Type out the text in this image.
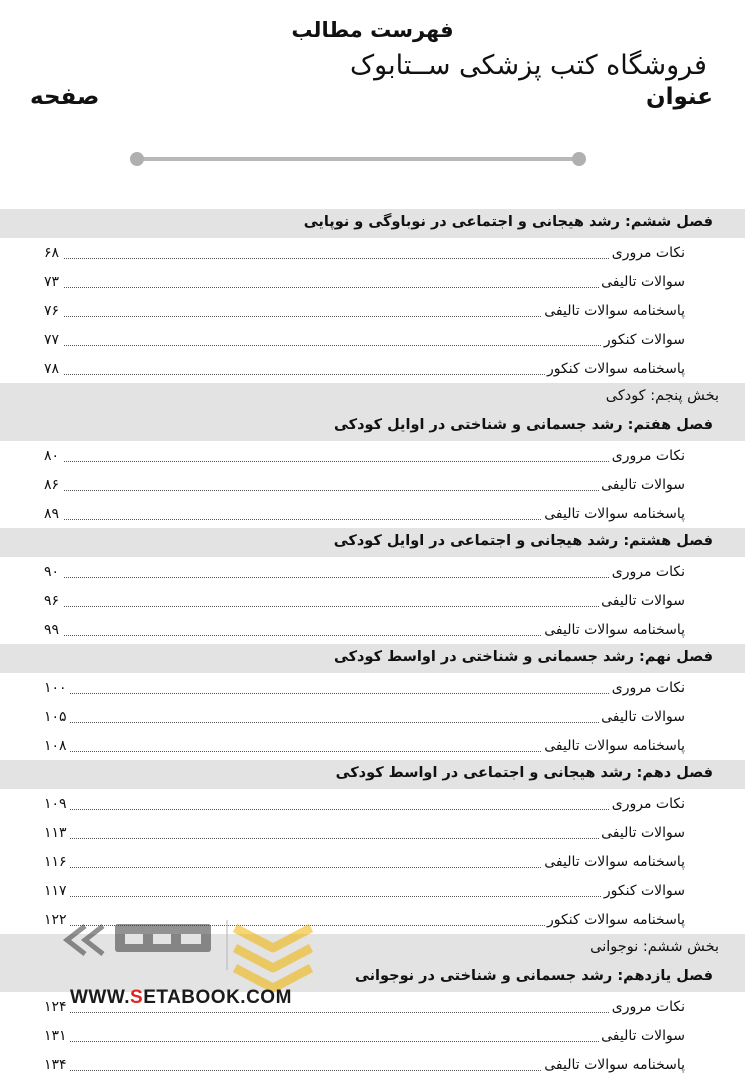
فهرست مطالب
فروشگاه کتب پزشکی ســتابوک
عنوان
صفحه
فصل ششم: رشد هیجانی و اجتماعی در نوباوگی و نوپایی
نکات مروری
۶۸
سوالات تالیفی
۷۳
پاسخنامه سوالات تالیفی
۷۶
سوالات کنکور
۷۷
پاسخنامه سوالات کنکور
۷۸
بخش پنجم: کودکی
فصل هفتم: رشد جسمانی و شناختی در اوایل کودکی
نکات مروری
۸۰
سوالات تالیفی
۸۶
پاسخنامه سوالات تالیفی
۸۹
فصل هشتم: رشد هیجانی و اجتماعی در اوایل کودکی
نکات مروری
۹۰
سوالات تالیفی
۹۶
پاسخنامه سوالات تالیفی
۹۹
فصل نهم: رشد جسمانی و شناختی در اواسط کودکی
نکات مروری
۱۰۰
سوالات تالیفی
۱۰۵
پاسخنامه سوالات تالیفی
۱۰۸
فصل دهم: رشد هیجانی و اجتماعی در اواسط کودکی
نکات مروری
۱۰۹
سوالات تالیفی
۱۱۳
پاسخنامه سوالات تالیفی
۱۱۶
سوالات کنکور
۱۱۷
پاسخنامه سوالات کنکور
۱۲۲
بخش ششم: نوجوانی
فصل یازدهم: رشد جسمانی و شناختی در نوجوانی
نکات مروری
۱۲۴
سوالات تالیفی
۱۳۱
پاسخنامه سوالات تالیفی
۱۳۴
WWW.SETABOOK.COM
